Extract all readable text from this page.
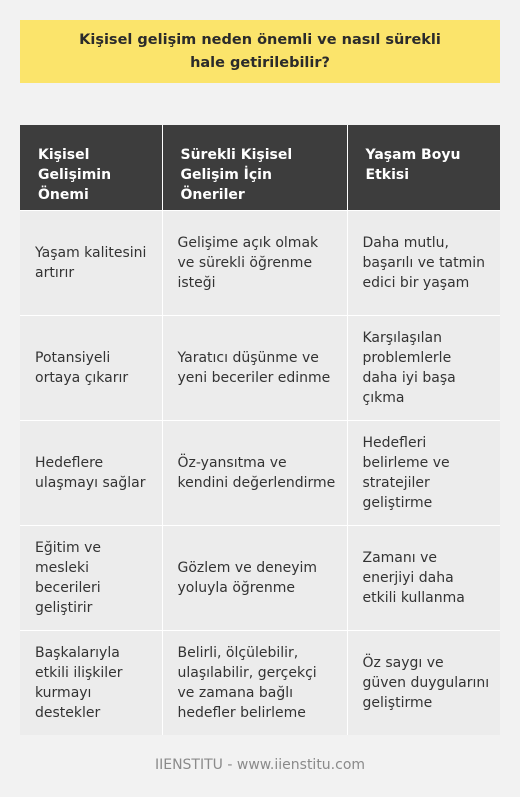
Kişisel gelişim neden önemli ve nasıl sürekli hale getirilebilir?
Kişisel Gelişimin Önemi	Sürekli Kişisel Gelişim İçin Öneriler	Yaşam Boyu Etkisi
Yaşam kalitesini artırır	Gelişime açık olmak ve sürekli öğrenme isteği	Daha mutlu, başarılı ve tatmin edici bir yaşam
Potansiyeli ortaya çıkarır	Yaratıcı düşünme ve yeni beceriler edinme	Karşılaşılan problemlerle daha iyi başa çıkma
Hedeflere ulaşmayı sağlar	Öz-yansıtma ve kendini değerlendirme	Hedefleri belirleme ve stratejiler geliştirme
Eğitim ve mesleki becerileri geliştirir	Gözlem ve deneyim yoluyla öğrenme	Zamanı ve enerjiyi daha etkili kullanma
Başkalarıyla etkili ilişkiler kurmayı destekler	Belirli, ölçülebilir, ulaşılabilir, gerçekçi ve zamana bağlı hedefler belirleme	Öz saygı ve güven duygularını geliştirme
IIENSTITU - www.iienstitu.com
